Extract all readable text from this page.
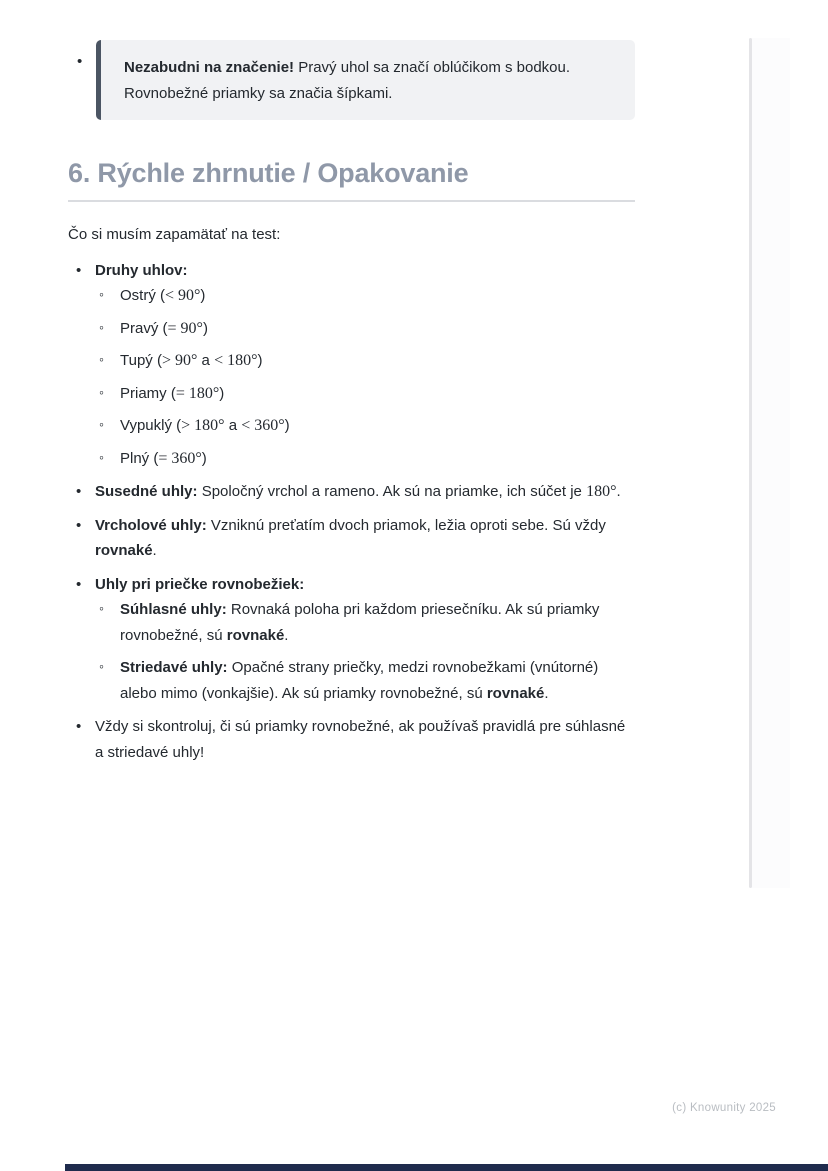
•	Nezabudni na značenie! Pravý uhol sa značí oblúčikom s bodkou. Rovnobežné priamky sa značia šípkami.
6. Rýchle zhrnutie / Opakovanie

Čo si musím zapamätať na test:

• Druhy uhlov:
◦ Ostrý (< 90°)
◦ Pravý (= 90°)
◦ Tupý (> 90° a < 180°)
◦ Priamy (= 180°)
◦ Vypuklý (> 180° a < 360°)
◦ Plný (= 360°)
• Susedné uhly: Spoločný vrchol a rameno. Ak sú na priamke, ich súčet je 180°.
• Vrcholové uhly: Vzniknú preťatím dvoch priamok, ležia oproti sebe. Sú vždy rovnaké.
• Uhly pri priečke rovnobežiek:
◦ Súhlasné uhly: Rovnaká poloha pri každom priesečníku. Ak sú priamky rovnobežné, sú rovnaké.
◦ Striedavé uhly: Opačné strany priečky, medzi rovnobežkami (vnútorné) alebo mimo (vonkajšie). Ak sú priamky rovnobežné, sú rovnaké.
• Vždy si skontroluj, či sú priamky rovnobežné, ak používaš pravidlá pre súhlasné a striedavé uhly!
(c) Knowunity 2025
